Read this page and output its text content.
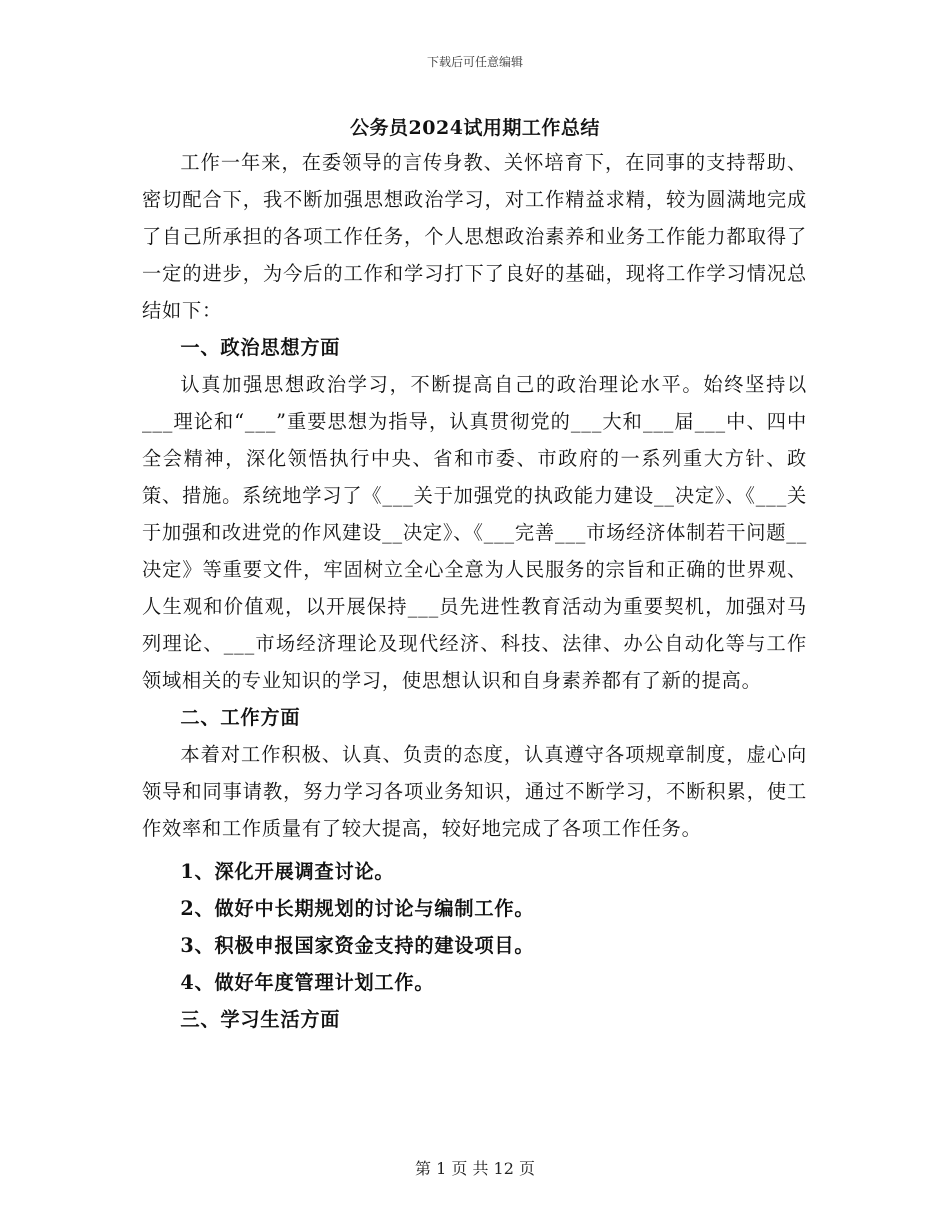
下载后可任意编辑
公务员2024试用期工作总结

工作一年来，在委领导的言传身教、关怀培育下，在同事的支持帮助、密切配合下，我不断加强思想政治学习，对工作精益求精，较为圆满地完成了自己所承担的各项工作任务，个人思想政治素养和业务工作能力都取得了一定的进步，为今后的工作和学习打下了良好的基础，现将工作学习情况总结如下：

一、政治思想方面

认真加强思想政治学习，不断提高自己的政治理论水平。始终坚持以___理论和“___”重要思想为指导，认真贯彻党的___大和___届___中、四中全会精神，深化领悟执行中央、省和市委、市政府的一系列重大方针、政策、措施。系统地学习了《___关于加强党的执政能力建设__决定》、《___关于加强和改进党的作风建设__决定》、《___完善___市场经济体制若干问题__决定》等重要文件，牢固树立全心全意为人民服务的宗旨和正确的世界观、人生观和价值观，以开展保持___员先进性教育活动为重要契机，加强对马列理论、___市场经济理论及现代经济、科技、法律、办公自动化等与工作领域相关的专业知识的学习，使思想认识和自身素养都有了新的提高。

二、工作方面

本着对工作积极、认真、负责的态度，认真遵守各项规章制度，虚心向领导和同事请教，努力学习各项业务知识，通过不断学习，不断积累，使工作效率和工作质量有了较大提高，较好地完成了各项工作任务。

1、深化开展调查讨论。

2、做好中长期规划的讨论与编制工作。

3、积极申报国家资金支持的建设项目。

4、做好年度管理计划工作。

三、学习生活方面

第 1 页 共 12 页
